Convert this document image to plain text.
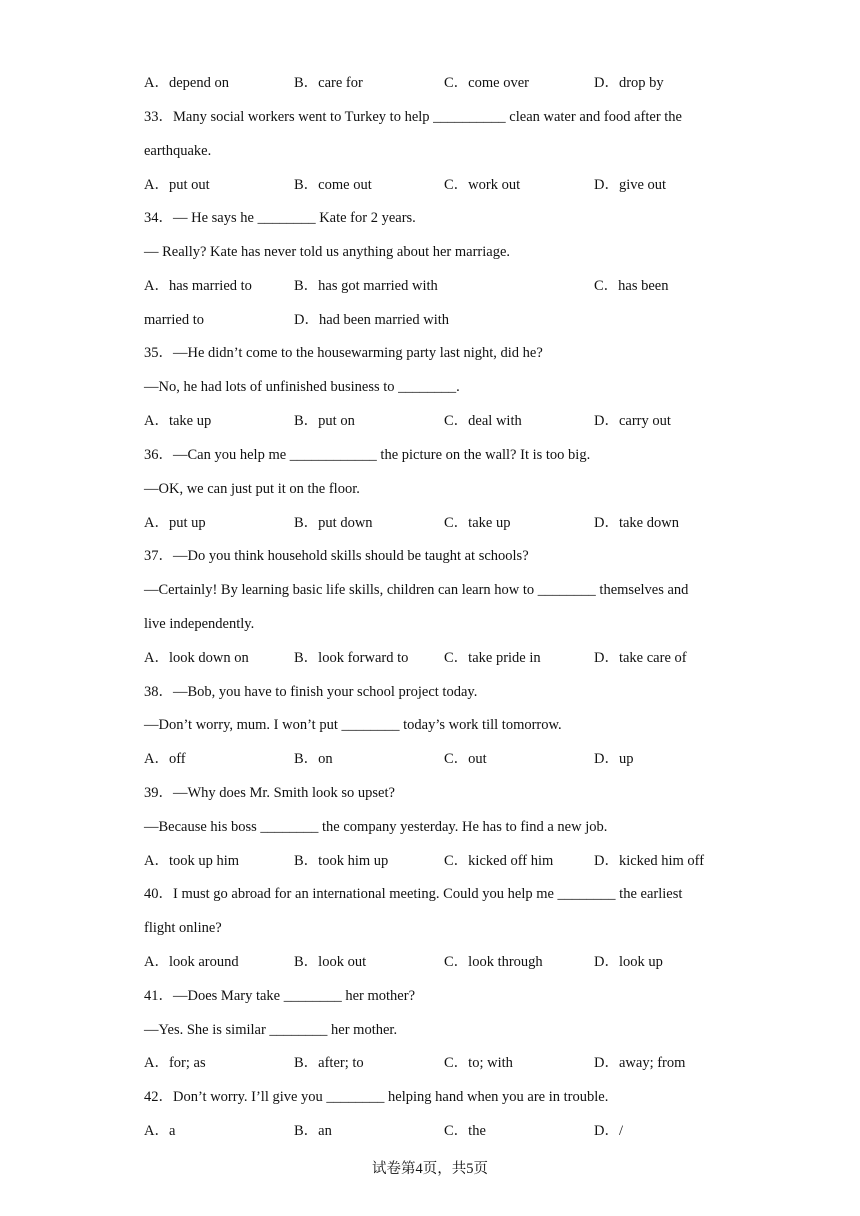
A．depend on	B．care for	C．come over	D．drop by
33．Many social workers went to Turkey to help __________ clean water and food after the
earthquake.
A．put out	B．come out	C．work out	D．give out
34．— He says he ________ Kate for 2 years.
— Really? Kate has never told us anything about her marriage.
A．has married to	B．has got married with	C．has been
married to	D．had been married with
35．—He didn’t come to the housewarming party last night, did he?
—No, he had lots of unfinished business to ________.
A．take up	B．put on	C．deal with	D．carry out
36．—Can you help me ____________ the picture on the wall? It is too big.
—OK, we can just put it on the floor.
A．put up	B．put down	C．take up	D．take down
37．—Do you think household skills should be taught at schools?
—Certainly! By learning basic life skills, children can learn how to ________ themselves and
live independently.
A．look down on	B．look forward to C．take pride in	D．take care of
38．—Bob, you have to finish your school project today.
—Don’t worry, mum. I won’t put ________ today’s work till tomorrow.
A．off	B．on	C．out	D．up
39．—Why does Mr. Smith look so upset?
—Because his boss ________ the company yesterday. He has to find a new job.
A．took up him	B．took him up	C．kicked off him	D．kicked him off
40．I must go abroad for an international meeting. Could you help me ________ the earliest
flight online?
A．look around	B．look out	C．look through	D．look up
41．—Does Mary take ________ her mother?
—Yes. She is similar ________ her mother.
A．for; as	B．after; to	C．to; with	D．away; from
42．Don’t worry. I’ll give you ________ helping hand when you are in trouble.
A．a	B．an	C．the	D．/
试卷第4页，共5页
